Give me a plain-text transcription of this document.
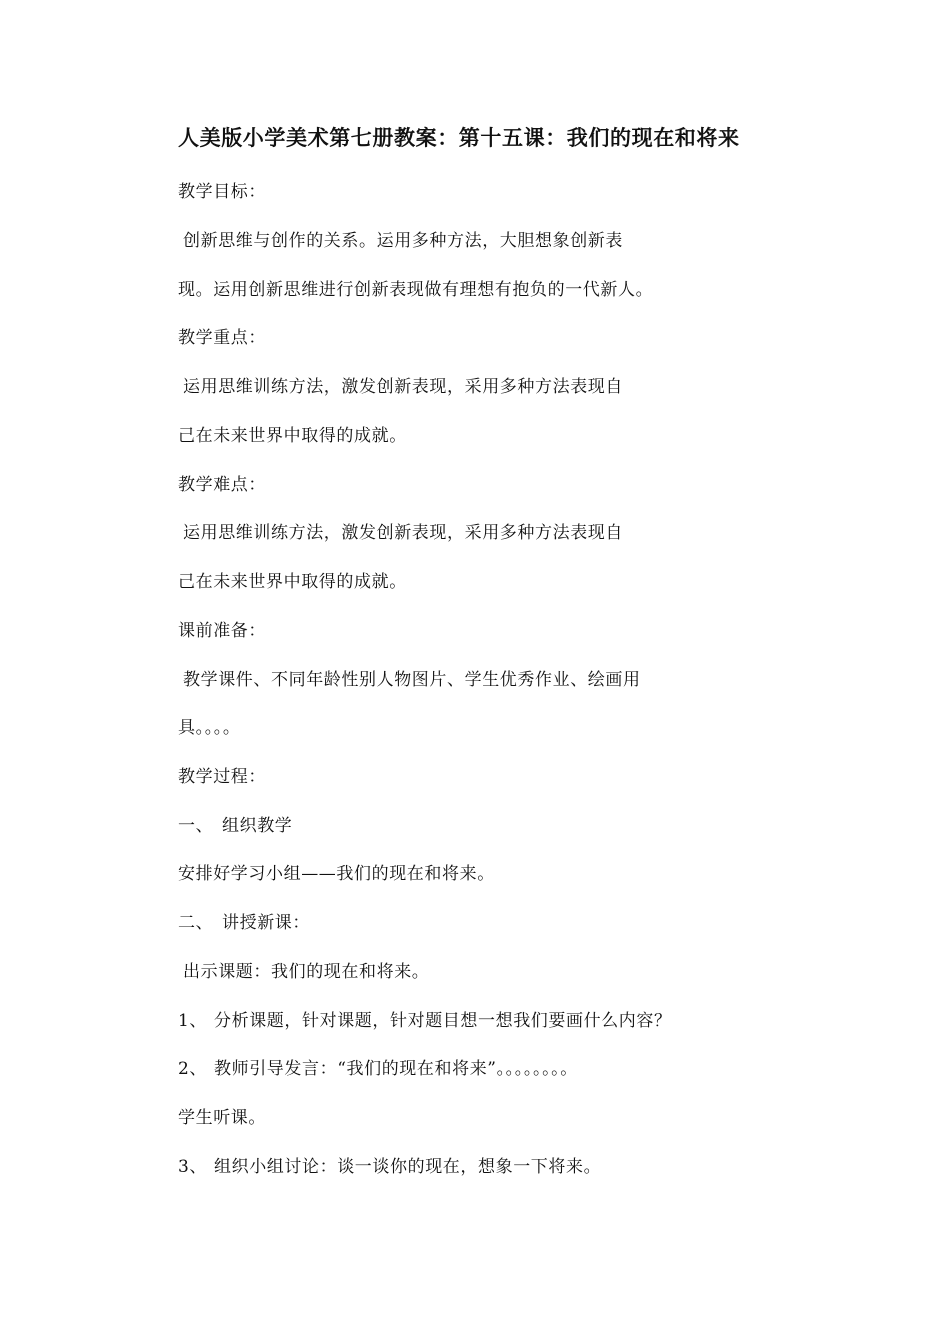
人美版小学美术第七册教案：第十五课：我们的现在和将来
教学目标：
创新思维与创作的关系。运用多种方法，大胆想象创新表
现。运用创新思维进行创新表现做有理想有抱负的一代新人。
教学重点：
运用思维训练方法，激发创新表现，采用多种方法表现自
己在未来世界中取得的成就。
教学难点：
运用思维训练方法，激发创新表现，采用多种方法表现自
己在未来世界中取得的成就。
课前准备：
教学课件、不同年龄性别人物图片、学生优秀作业、绘画用
具。。。。
教学过程：
一、 组织教学
安排好学习小组——我们的现在和将来。
二、 讲授新课：
出示课题：我们的现在和将来。
1、 分析课题，针对课题，针对题目想一想我们要画什么内容？
2、 教师引导发言：“我们的现在和将来”。。。。。。。。
学生听课。
3、 组织小组讨论：谈一谈你的现在，想象一下将来。
